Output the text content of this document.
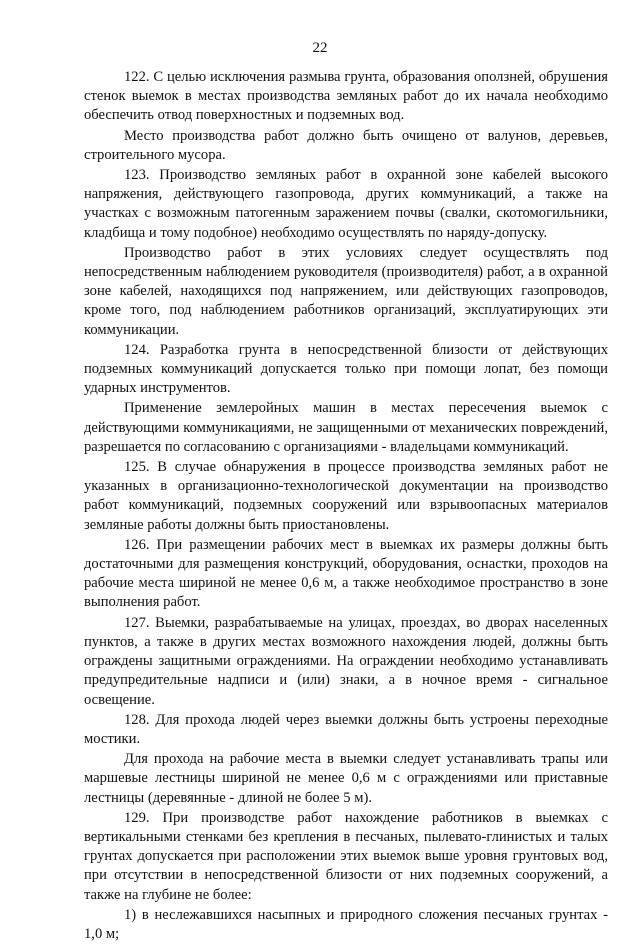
22

122. С целью исключения размыва грунта, образования оползней, обрушения стенок выемок в местах производства земляных работ до их начала необходимо обеспечить отвод поверхностных и подземных вод.

Место производства работ должно быть очищено от валунов, деревьев, строительного мусора.

123. Производство земляных работ в охранной зоне кабелей высокого напряжения, действующего газопровода, других коммуникаций, а также на участках с возможным патогенным заражением почвы (свалки, скотомогильники, кладбища и тому подобное) необходимо осуществлять по наряду-допуску.

Производство работ в этих условиях следует осуществлять под непосредственным наблюдением руководителя (производителя) работ, а в охранной зоне кабелей, находящихся под напряжением, или действующих газопроводов, кроме того, под наблюдением работников организаций, эксплуатирующих эти коммуникации.

124. Разработка грунта в непосредственной близости от действующих подземных коммуникаций допускается только при помощи лопат, без помощи ударных инструментов.

Применение землеройных машин в местах пересечения выемок с действующими коммуникациями, не защищенными от механических повреждений, разрешается по согласованию с организациями - владельцами коммуникаций.

125. В случае обнаружения в процессе производства земляных работ не указанных в организационно-технологической документации на производство работ коммуникаций, подземных сооружений или взрывоопасных материалов земляные работы должны быть приостановлены.

126. При размещении рабочих мест в выемках их размеры должны быть достаточными для размещения конструкций, оборудования, оснастки, проходов на рабочие места шириной не менее 0,6 м, а также необходимое пространство в зоне выполнения работ.

127. Выемки, разрабатываемые на улицах, проездах, во дворах населенных пунктов, а также в других местах возможного нахождения людей, должны быть ограждены защитными ограждениями. На ограждении необходимо устанавливать предупредительные надписи и (или) знаки, а в ночное время - сигнальное освещение.

128. Для прохода людей через выемки должны быть устроены переходные мостики.

Для прохода на рабочие места в выемки следует устанавливать трапы или маршевые лестницы шириной не менее 0,6 м с ограждениями или приставные лестницы (деревянные - длиной не более 5 м).

129. При производстве работ нахождение работников в выемках с вертикальными стенками без крепления в песчаных, пылевато-глинистых и талых грунтах допускается при расположении этих выемок выше уровня грунтовых вод, при отсутствии в непосредственной близости от них подземных сооружений, а также на глубине не более:

1) в неслежавшихся насыпных и природного сложения песчаных грунтах - 1,0 м;
